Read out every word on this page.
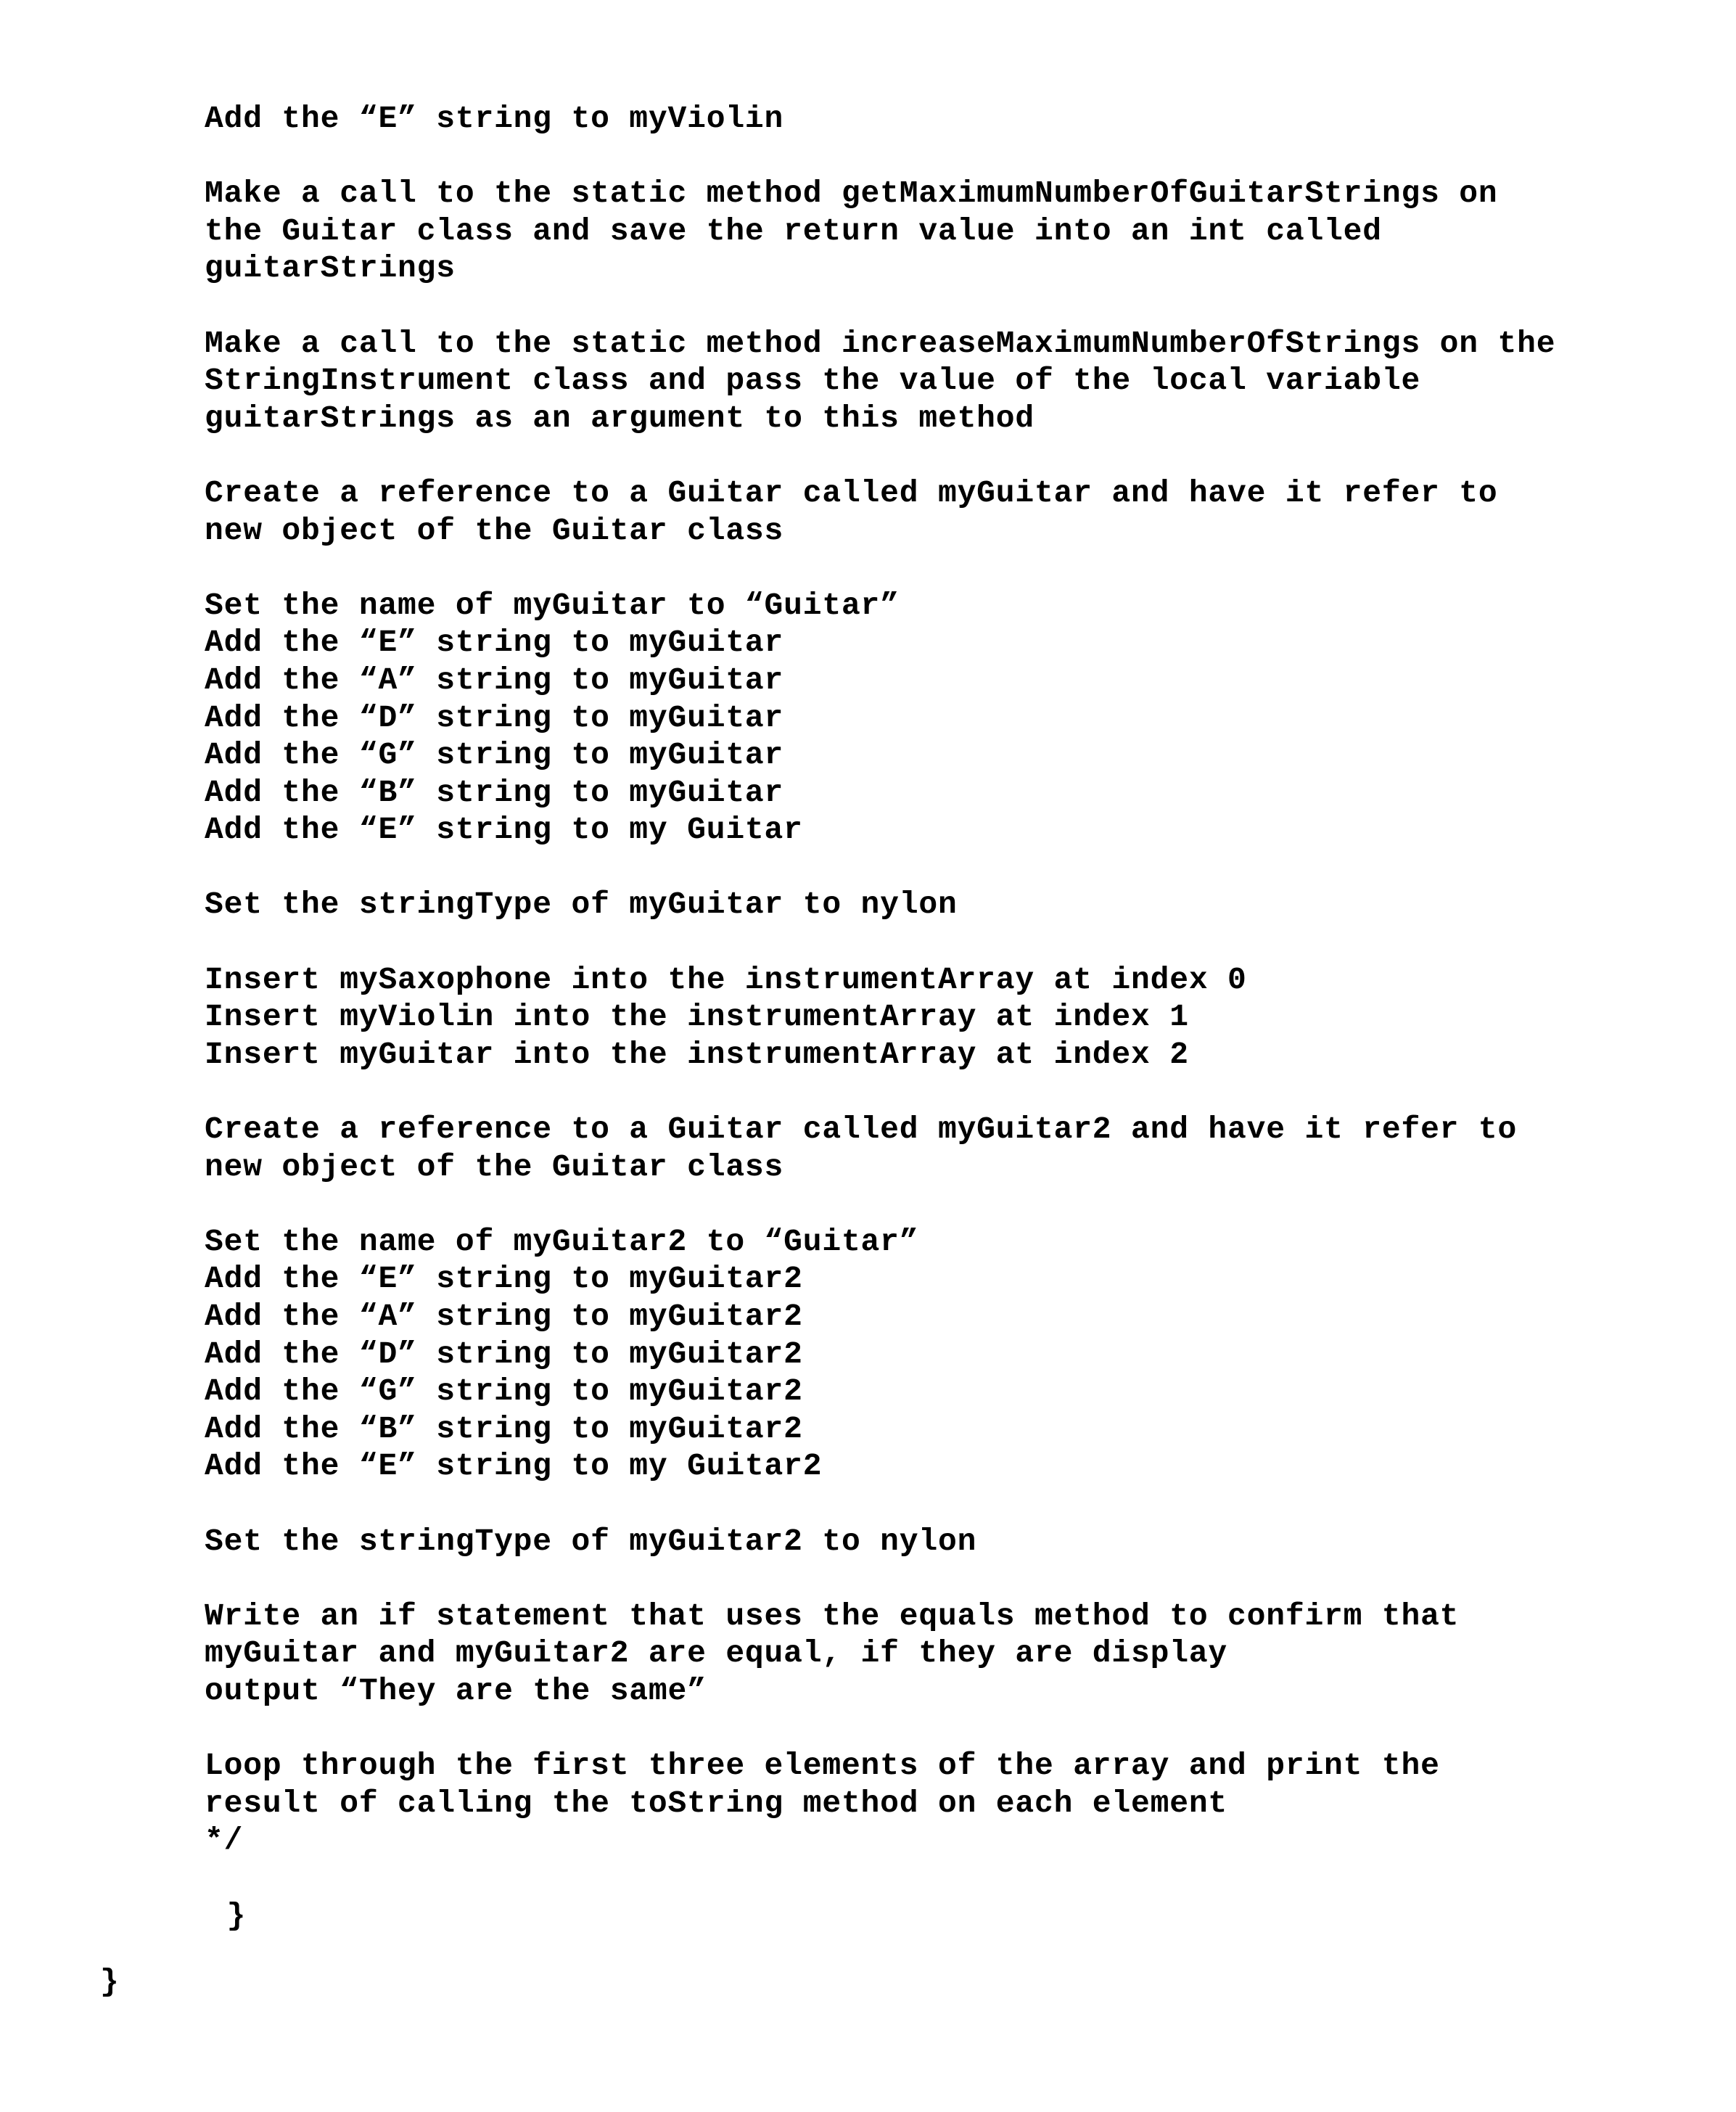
Add the “E” string to myViolin
Make a call to the static method getMaximumNumberOfGuitarStrings on
the Guitar class and save the return value into an int called
guitarStrings
Make a call to the static method increaseMaximumNumberOfStrings on the
StringInstrument class and pass the value of the local variable
guitarStrings as an argument to this method
Create a reference to a Guitar called myGuitar and have it refer to
new object of the Guitar class
Set the name of myGuitar to “Guitar”
Add the “E” string to myGuitar
Add the “A” string to myGuitar
Add the “D” string to myGuitar
Add the “G” string to myGuitar
Add the “B” string to myGuitar
Add the “E” string to my Guitar
Set the stringType of myGuitar to nylon
Insert mySaxophone into the instrumentArray at index 0
Insert myViolin into the instrumentArray at index 1
Insert myGuitar into the instrumentArray at index 2
Create a reference to a Guitar called myGuitar2 and have it refer to
new object of the Guitar class
Set the name of myGuitar2 to “Guitar”
Add the “E” string to myGuitar2
Add the “A” string to myGuitar2
Add the “D” string to myGuitar2
Add the “G” string to myGuitar2
Add the “B” string to myGuitar2
Add the “E” string to my Guitar2
Set the stringType of myGuitar2 to nylon
Write an if statement that uses the equals method to confirm that
myGuitar and myGuitar2 are equal, if they are display
output “They are the same”
Loop through the first three elements of the array and print the
result of calling the toString method on each element
*/
}
}
